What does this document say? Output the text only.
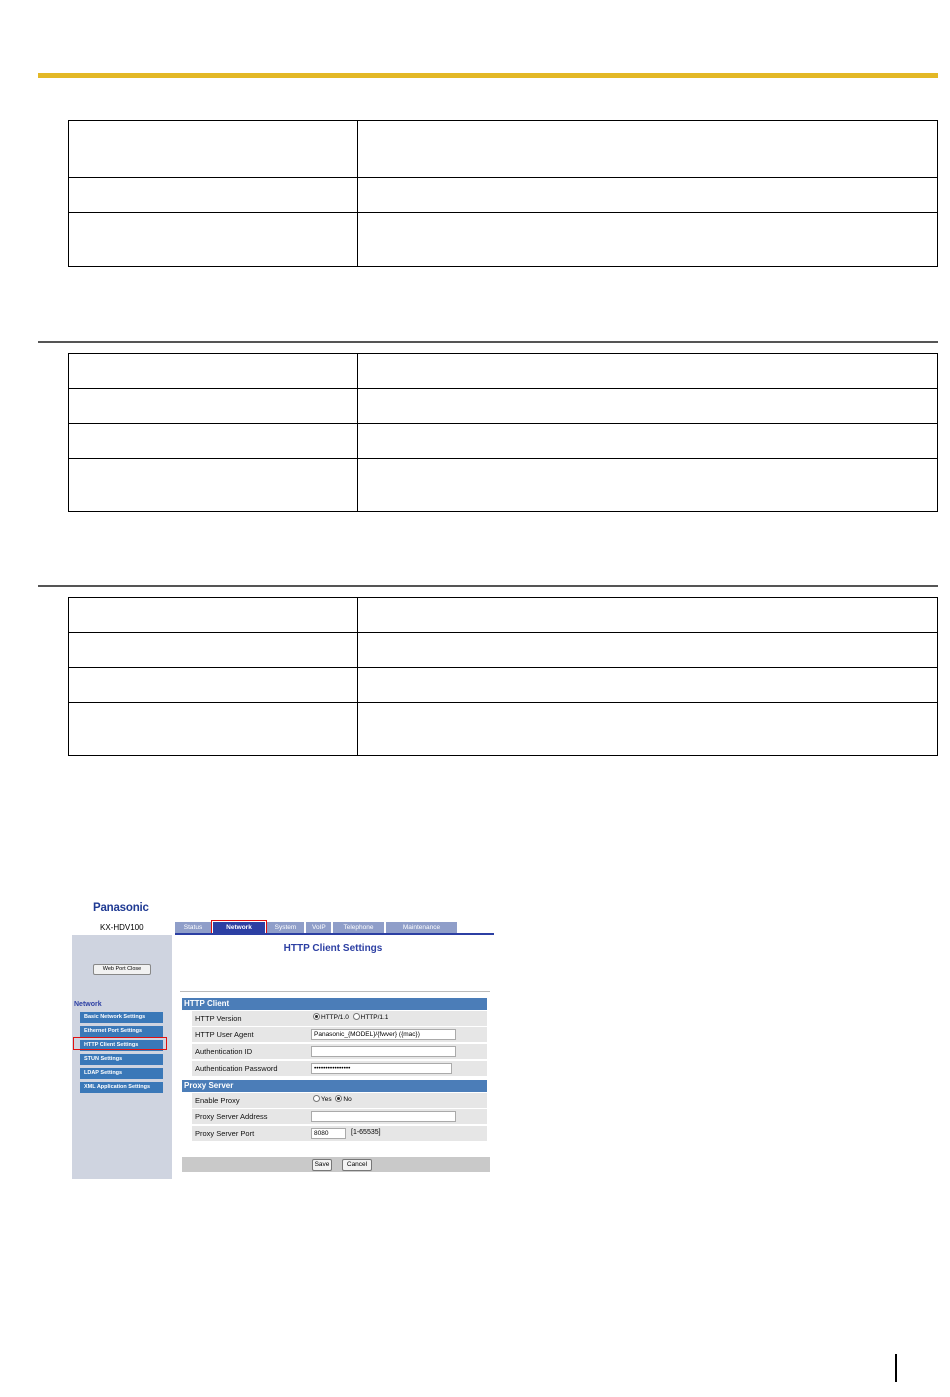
Panasonic
KX-HDV100	Status	Network	System	VoIP	Telephone	Maintenance
Web Port Close
Network
Basic Network Settings
Ethernet Port Settings
HTTP Client Settings
STUN Settings
LDAP Settings
XML Application Settings
HTTP Client Settings
HTTP Client
HTTP Version	HTTP/1.0 HTTP/1.1
HTTP User Agent	Panasonic_{MODEL}/{fwver} ({mac})
Authentication ID
Authentication Password	••••••••••••••••
Proxy Server
Enable Proxy	Yes No
Proxy Server Address
Proxy Server Port	8080	[1-65535]
Save	Cancel
